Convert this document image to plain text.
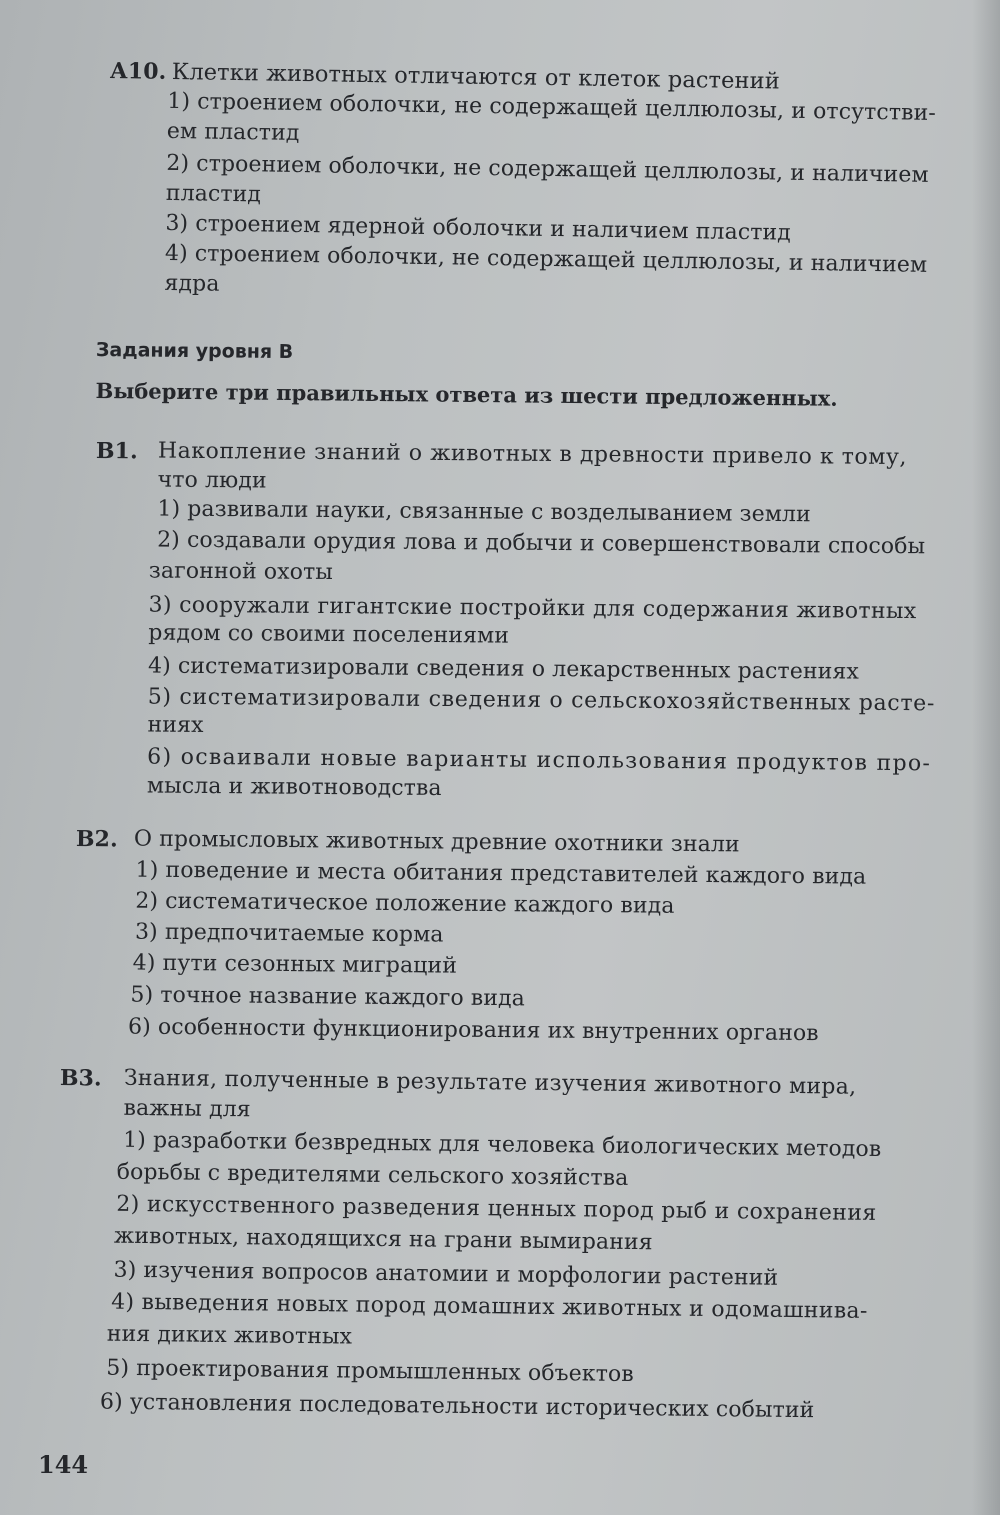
А10. Клетки животных отличаются от клеток растений
1) строением оболочки, не содержащей целлюлозы, и отсутстви-
ем пластид
2) строением оболочки, не содержащей целлюлозы, и наличием
пластид
3) строением ядерной оболочки и наличием пластид
4) строением оболочки, не содержащей целлюлозы, и наличием
ядра
Задания уровня В
Выберите три правильных ответа из шести предложенных.
В1. Накопление знаний о животных в древности привело к тому,
что люди
1) развивали науки, связанные с возделыванием земли
2) создавали орудия лова и добычи и совершенствовали способы
загонной охоты
3) сооружали гигантские постройки для содержания животных
рядом со своими поселениями
4) систематизировали сведения о лекарственных растениях
5) систематизировали сведения о сельскохозяйственных расте-
ниях
6) осваивали новые варианты использования продуктов про-
мысла и животноводства
В2. О промысловых животных древние охотники знали
1) поведение и места обитания представителей каждого вида
2) систематическое положение каждого вида
3) предпочитаемые корма
4) пути сезонных миграций
5) точное название каждого вида
6) особенности функционирования их внутренних органов
В3. Знания, полученные в результате изучения животного мира,
важны для
1) разработки безвредных для человека биологических методов
борьбы с вредителями сельского хозяйства
2) искусственного разведения ценных пород рыб и сохранения
животных, находящихся на грани вымирания
3) изучения вопросов анатомии и морфологии растений
4) выведения новых пород домашних животных и одомашнива-
ния диких животных
5) проектирования промышленных объектов
6) установления последовательности исторических событий
144
